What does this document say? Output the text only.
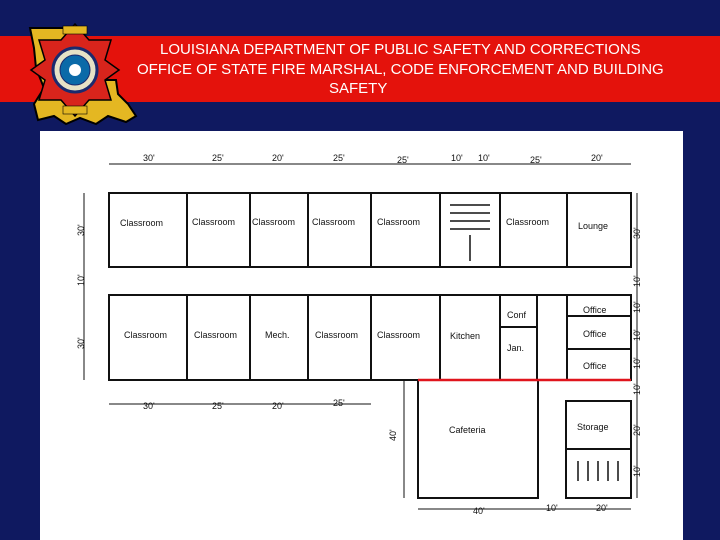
LOUISIANA DEPARTMENT OF PUBLIC SAFETY AND CORRECTIONS
OFFICE OF STATE FIRE MARSHAL, CODE ENFORCEMENT AND BUILDING
SAFETY
Classroom	Classroom Classroom Classroom Classroom	Classroom	Lounge
Classroom	Classroom	Mech.	Classroom Classroom	Kitchen
Conf
Jan.
Office
Office
Office
Storage
Cafeteria
30'	25'	20'	25'	25'	10' 10'	25'	20'
30'	25'	20'	25'
40'	10'	20'
30'
10'
30'
30'
10'
10'
10'
10'
10'
20'
10'
40'
